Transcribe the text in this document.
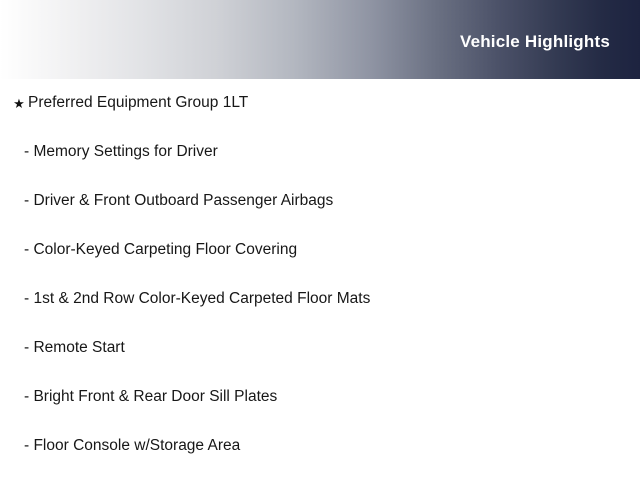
Vehicle Highlights
★ Preferred Equipment Group 1LT
- Memory Settings for Driver
- Driver & Front Outboard Passenger Airbags
- Color-Keyed Carpeting Floor Covering
- 1st & 2nd Row Color-Keyed Carpeted Floor Mats
- Remote Start
- Bright Front & Rear Door Sill Plates
- Floor Console w/Storage Area
